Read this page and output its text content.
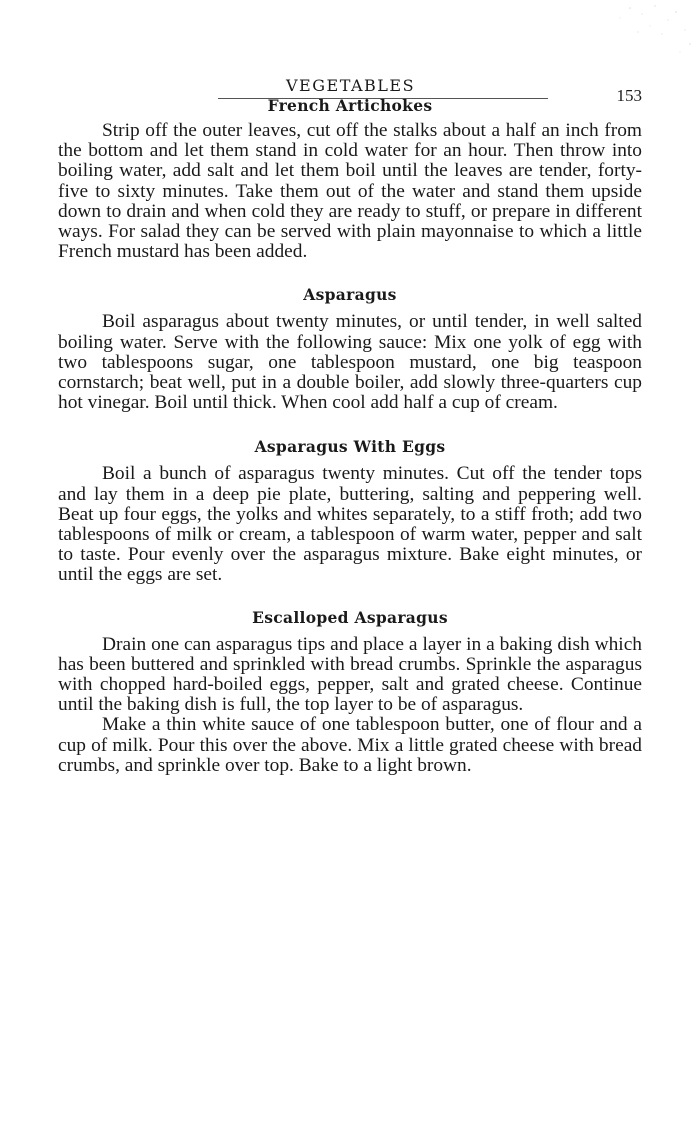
VEGETABLES
153
French Artichokes

Strip off the outer leaves, cut off the stalks about a half an inch from the bottom and let them stand in cold water for an hour. Then throw into boiling water, add salt and let them boil until the leaves are tender, forty-five to sixty minutes. Take them out of the water and stand them upside down to drain and when cold they are ready to stuff, or prepare in different ways. For salad they can be served with plain mayonnaise to which a little French mustard has been added.

Asparagus

Boil asparagus about twenty minutes, or until tender, in well salted boiling water. Serve with the following sauce: Mix one yolk of egg with two tablespoons sugar, one tablespoon mustard, one big teaspoon cornstarch; beat well, put in a double boiler, add slowly three-quarters cup hot vinegar. Boil until thick. When cool add half a cup of cream.

Asparagus With Eggs

Boil a bunch of asparagus twenty minutes. Cut off the tender tops and lay them in a deep pie plate, buttering, salting and peppering well. Beat up four eggs, the yolks and whites separately, to a stiff froth; add two tablespoons of milk or cream, a tablespoon of warm water, pepper and salt to taste. Pour evenly over the asparagus mixture. Bake eight minutes, or until the eggs are set.

Escalloped Asparagus

Drain one can asparagus tips and place a layer in a baking dish which has been buttered and sprinkled with bread crumbs. Sprinkle the asparagus with chopped hard-boiled eggs, pepper, salt and grated cheese. Continue until the baking dish is full, the top layer to be of asparagus.

Make a thin white sauce of one tablespoon butter, one of flour and a cup of milk. Pour this over the above. Mix a little grated cheese with bread crumbs, and sprinkle over top. Bake to a light brown.
